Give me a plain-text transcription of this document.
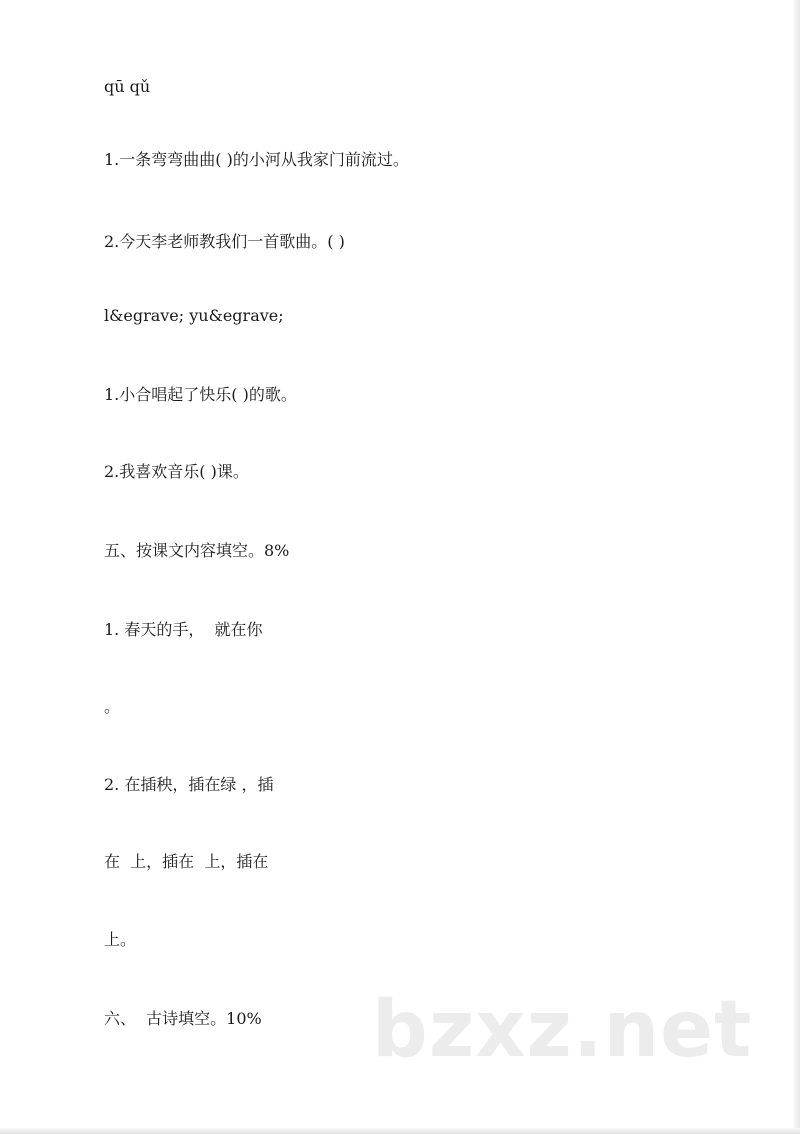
qū qǔ
1.一条弯弯曲曲( )的小河从我家门前流过。
2.今天李老师教我们一首歌曲。( )
l&egrave; yu&egrave;
1.小合唱起了快乐( )的歌。
2.我喜欢音乐( )课。
五、按课文内容填空。8%
1. 春天的手，  就在你
。
2. 在插秧，插在绿 ，插
在  上，插在  上，插在
上。
六、  古诗填空。10% bzxz.net
